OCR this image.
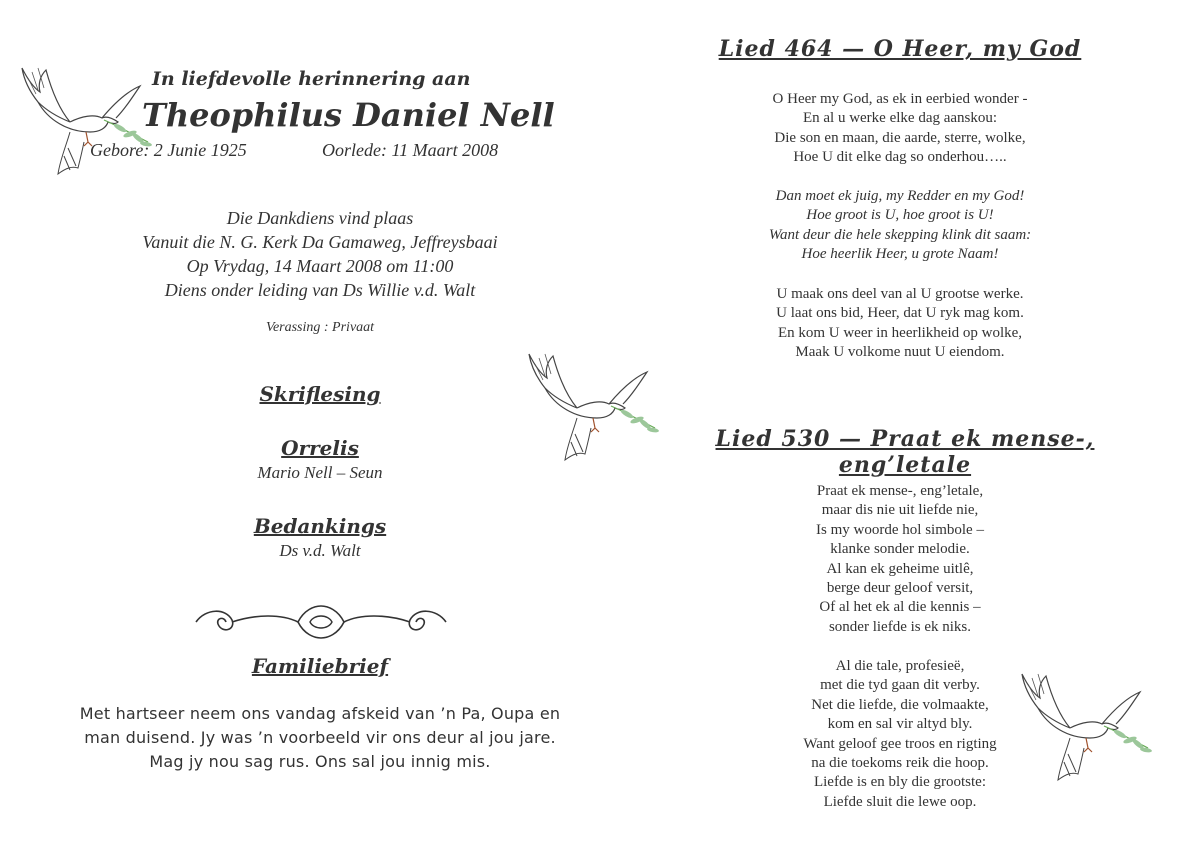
In liefdevolle herinnering aan
Theophilus Daniel Nell
Gebore: 2 Junie 1925	Oorlede: 11 Maart 2008
Die Dankdiens vind plaas
Vanuit die N. G. Kerk Da Gamaweg, Jeffreysbaai
Op Vrydag, 14 Maart 2008 om 11:00
Diens onder leiding van Ds Willie v.d. Walt
Verassing : Privaat
Skriflesing
Orrelis
Mario Nell – Seun
Bedankings
Ds v.d. Walt
Familiebrief
Met hartseer neem ons vandag afskeid van ’n Pa, Oupa en
man duisend. Jy was ’n voorbeeld vir ons deur al jou jare.
Mag jy nou sag rus. Ons sal jou innig mis.
Lied 464 — O Heer, my God
O Heer my God, as ek in eerbied wonder -
En al u werke elke dag aanskou:
Die son en maan, die aarde, sterre, wolke,
Hoe U dit elke dag so onderhou…..
Dan moet ek juig, my Redder en my God!
Hoe groot is U, hoe groot is U!
Want deur die hele skepping klink dit saam:
Hoe heerlik Heer, u grote Naam!
U maak ons deel van al U grootse werke.
U laat ons bid, Heer, dat U ryk mag kom.
En kom U weer in heerlikheid op wolke,
Maak U volkome nuut U eiendom.
Lied 530 — Praat ek mense-, eng’letale
Praat ek mense-, eng’letale,
maar dis nie uit liefde nie,
Is my woorde hol simbole –
klanke sonder melodie.
Al kan ek geheime uitlê,
berge deur geloof versit,
Of al het ek al die kennis –
sonder liefde is ek niks.
Al die tale, profesieë,
met die tyd gaan dit verby.
Net die liefde, die volmaakte,
kom en sal vir altyd bly.
Want geloof gee troos en rigting
na die toekoms reik die hoop.
Liefde is en bly die grootste:
Liefde sluit die lewe oop.
